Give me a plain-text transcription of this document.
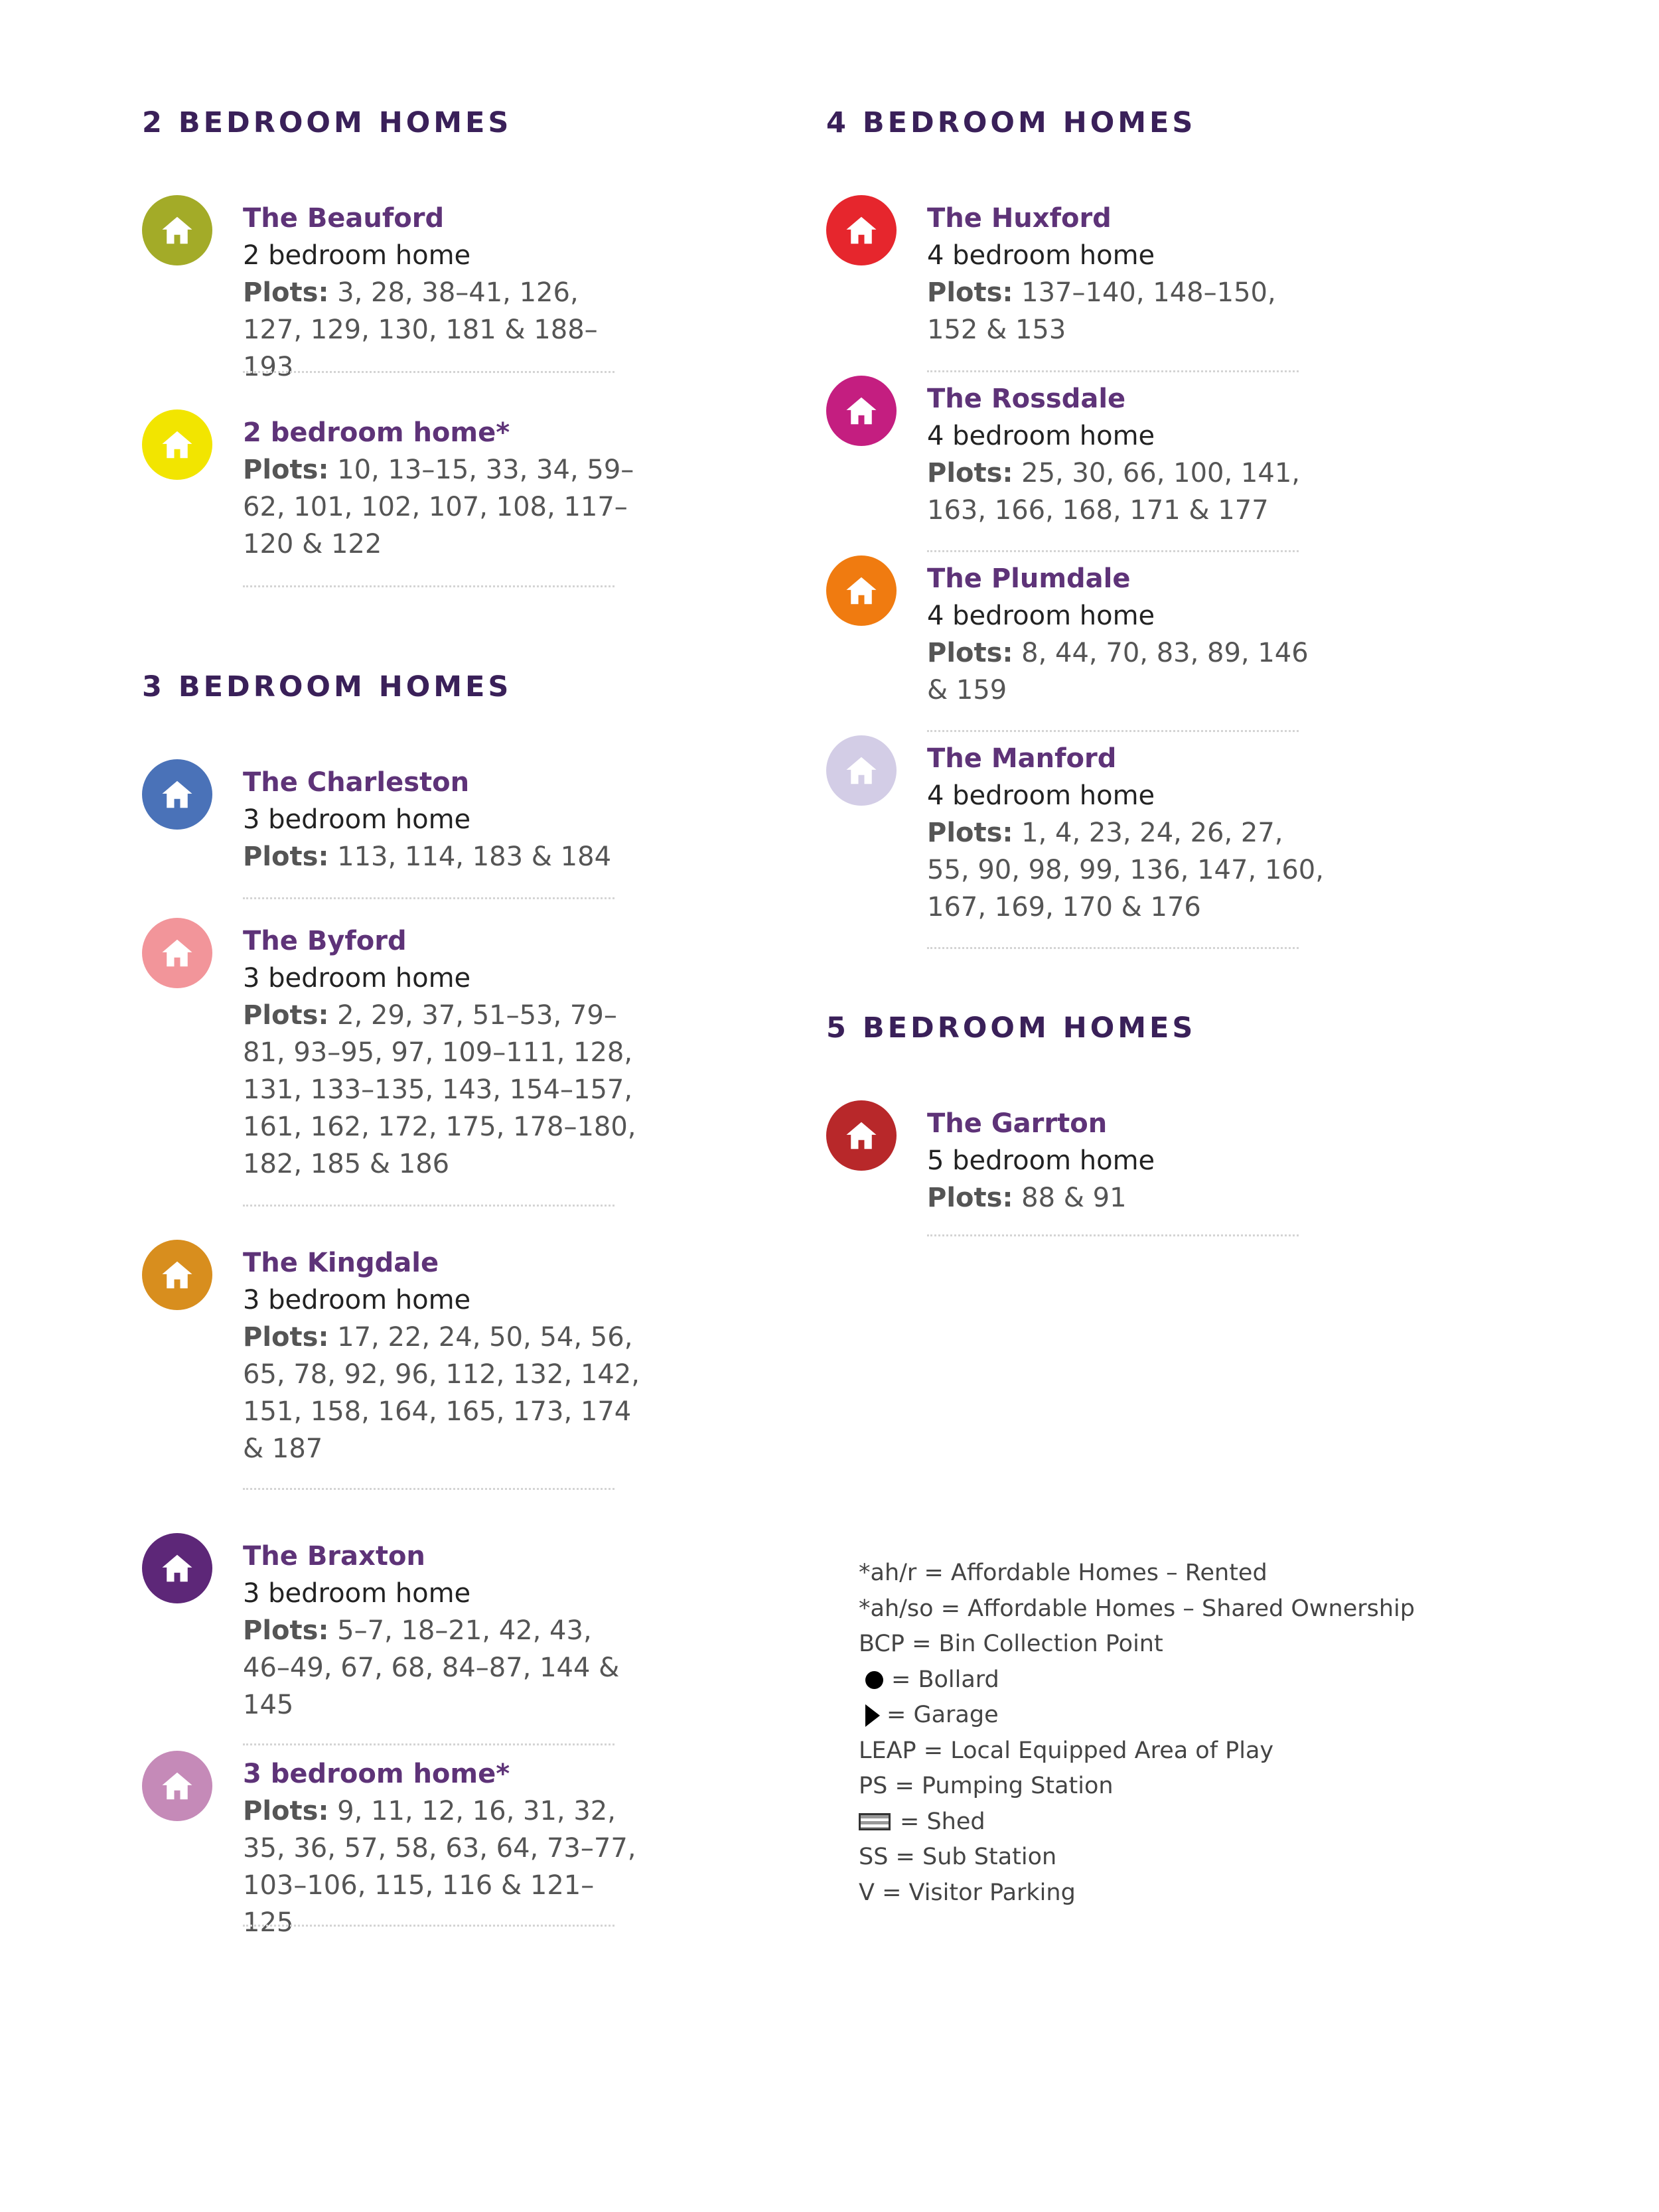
2 BEDROOM HOMES
The Beauford
2 bedroom home
Plots: 3, 28, 38–41, 126, 127, 129, 130, 181 & 188–193
2 bedroom home*
Plots: 10, 13–15, 33, 34, 59–62, 101, 102, 107, 108, 117–120 & 122
3 BEDROOM HOMES
The Charleston
3 bedroom home
Plots: 113, 114, 183 & 184
The Byford
3 bedroom home
Plots: 2, 29, 37, 51–53, 79–81, 93–95, 97, 109–111, 128, 131, 133–135, 143, 154–157, 161, 162, 172, 175, 178–180, 182, 185 & 186
The Kingdale
3 bedroom home
Plots: 17, 22, 24, 50, 54, 56, 65, 78, 92, 96, 112, 132, 142, 151, 158, 164, 165, 173, 174 & 187
The Braxton
3 bedroom home
Plots: 5–7, 18–21, 42, 43, 46–49, 67, 68, 84–87, 144 & 145
3 bedroom home*
Plots: 9, 11, 12, 16, 31, 32, 35, 36, 57, 58, 63, 64, 73–77, 103–106, 115, 116 & 121–125
4 BEDROOM HOMES
The Huxford
4 bedroom home
Plots: 137–140, 148–150, 152 & 153
The Rossdale
4 bedroom home
Plots: 25, 30, 66, 100, 141, 163, 166, 168, 171 & 177
The Plumdale
4 bedroom home
Plots: 8, 44, 70, 83, 89, 146 & 159
The Manford
4 bedroom home
Plots: 1, 4, 23, 24, 26, 27, 55, 90, 98, 99, 136, 147, 160, 167, 169, 170 & 176
5 BEDROOM HOMES
The Garrton
5 bedroom home
Plots: 88 & 91
*ah/r = Affordable Homes – Rented
*ah/so = Affordable Homes – Shared Ownership
BCP = Bin Collection Point
= Bollard
= Garage
LEAP = Local Equipped Area of Play
PS = Pumping Station
= Shed
SS = Sub Station
V = Visitor Parking
